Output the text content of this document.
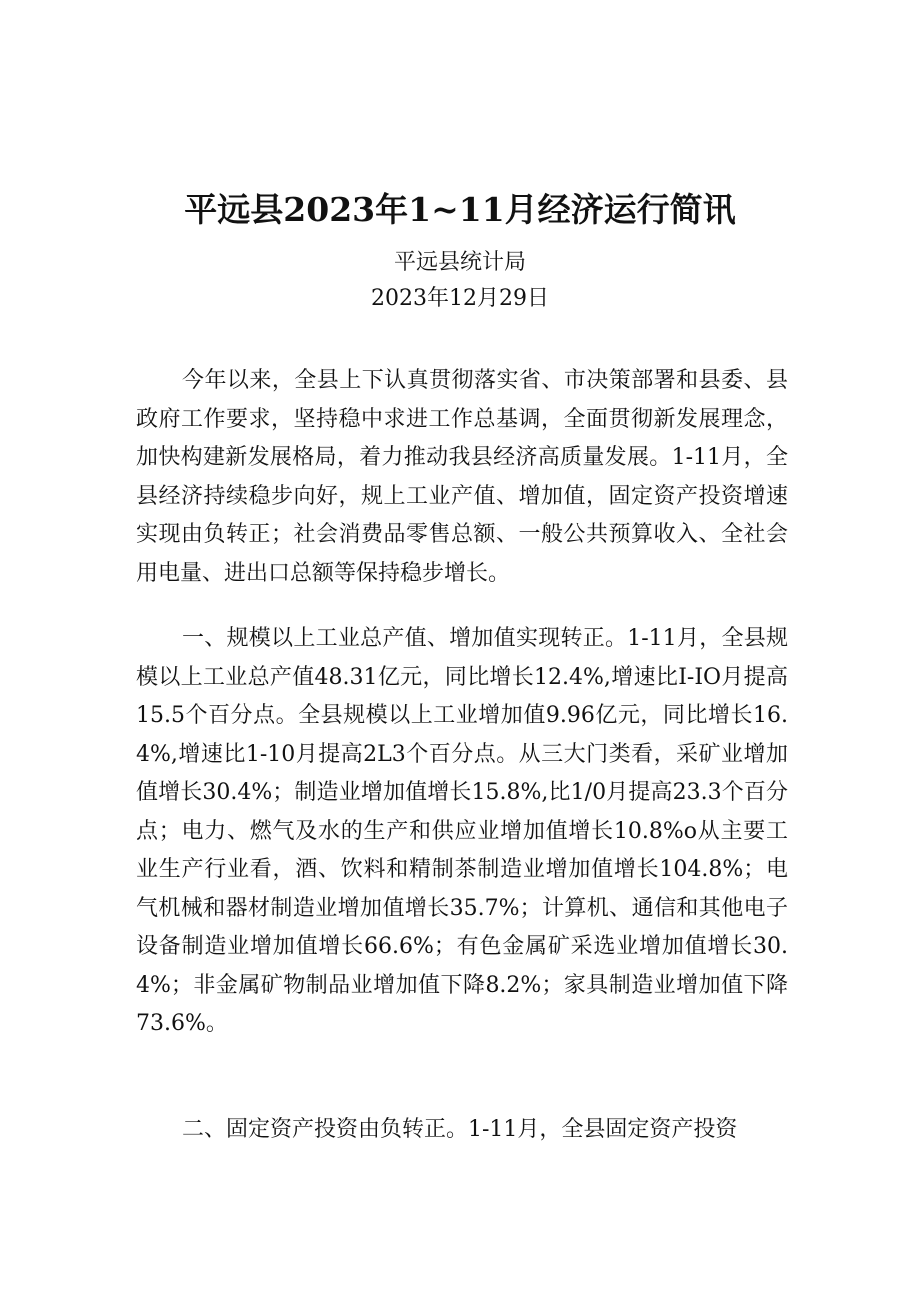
平远县2023年1~11月经济运行简讯
平远县统计局
2023年12月29日

今年以来，全县上下认真贯彻落实省、市决策部署和县委、县政府工作要求，坚持稳中求进工作总基调，全面贯彻新发展理念，加快构建新发展格局，着力推动我县经济高质量发展。1-11月，全县经济持续稳步向好，规上工业产值、增加值，固定资产投资增速实现由负转正；社会消费品零售总额、一般公共预算收入、全社会用电量、进出口总额等保持稳步增长。

一、规模以上工业总产值、增加值实现转正。1-11月，全县规模以上工业总产值48.31亿元，同比增长12.4%,增速比I-IO月提高15.5个百分点。全县规模以上工业增加值9.96亿元，同比增长16.4%,增速比1-10月提高2L3个百分点。从三大门类看，采矿业增加值增长30.4%；制造业增加值增长15.8%,比1/0月提高23.3个百分点；电力、燃气及水的生产和供应业增加值增长10.8%o从主要工业生产行业看，酒、饮料和精制茶制造业增加值增长104.8%；电气机械和器材制造业增加值增长35.7%；计算机、通信和其他电子设备制造业增加值增长66.6%；有色金属矿采选业增加值增长30.4%；非金属矿物制品业增加值下降8.2%；家具制造业增加值下降73.6%。

二、固定资产投资由负转正。1-11月，全县固定资产投资
